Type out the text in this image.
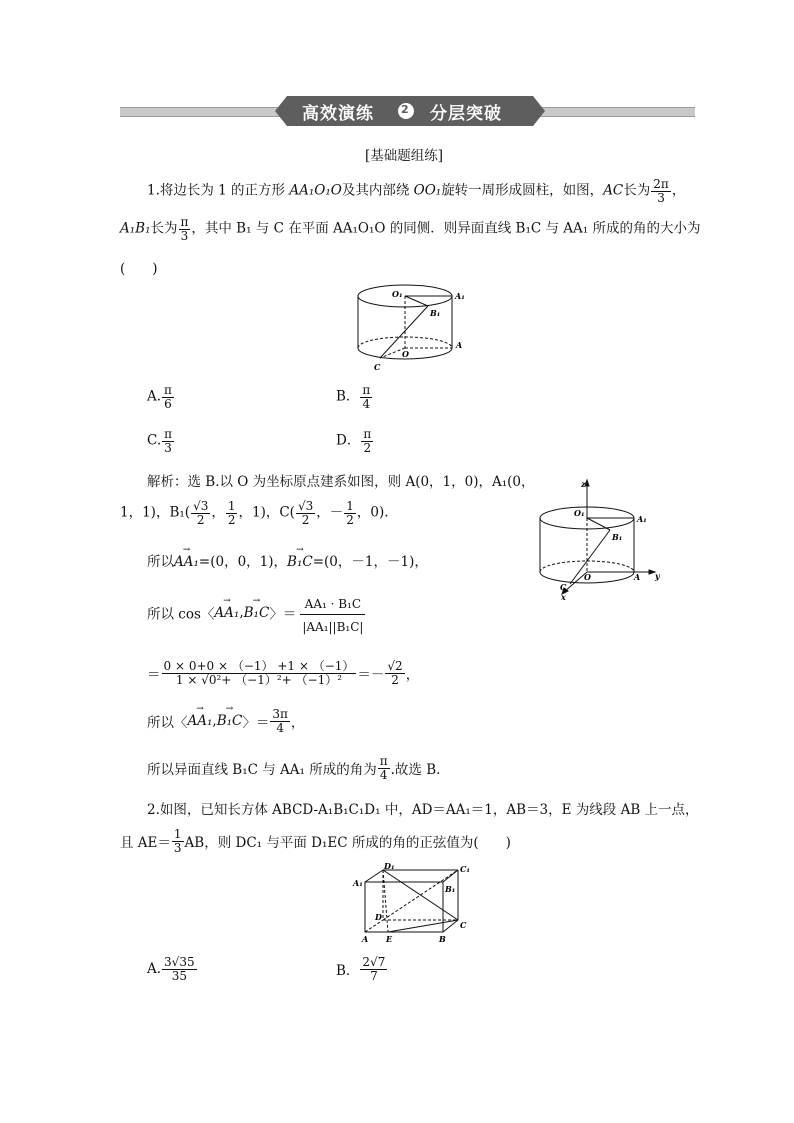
高效演练 2 分层突破
[基础题组练]
1.将边长为 1 的正方形 AA₁O₁O及其内部绕 OO₁旋转一周形成圆柱，如图，AC长为 $\frac{2\pi}{3}$ ，
A₁B₁长为 $\frac{\pi}{3}$ ，其中 B₁ 与 C 在平面 AA₁O₁O 的同侧．则异面直线 B₁C 与 AA₁ 所成的角的大小为
(　　)
O₁	A₁
B₁
O
A
C
A. $\frac{\pi}{6}$	B． $\frac{\pi}{4}$
C. $\frac{\pi}{3}$	D． $\frac{\pi}{2}$
解析：选 B.以 O 为坐标原点建系如图，则 A(0，1，0)，A₁(0，
1，1)，$B_1( \frac{√3}{2}$ ， $\frac{1}{2}$ ，1)，$C( \frac{√3}{2}$ ，－ $\frac{1}{2}$ ，0).
所以→ AA₁=(0，0，1)，→ B₁C=(0，－1，－1)，
所以 cos〈→ AA₁,→ B₁C〉＝ $\frac{\text{AA₁ · B₁C}}{\text{|AA₁||B₁C|}}$
＝ $\frac{0 \times 0+0 \times (-1) +1 \times (-1)}{\text{1 × √0²+ （−1）²+ （−1）²}} =- \frac{√2}{2}$ ，
所以〈→ AA₁,→ B₁C〉＝ $\frac{3\pi}{4}$ ，
所以异面直线 B₁C 与 AA₁ 所成的角为 $\frac{\pi}{4}$ .故选 B.
z
O₁
A₁
B₁
O	A y
C
x
2.如图，已知长方体 ABCD-A₁B₁C₁D₁ 中，AD＝AA₁＝1，AB＝3，E 为线段 AB 上一点，
且 $AE= \frac{1}{3}$ AB，则 DC₁ 与平面 D₁EC 所成的角的正弦值为(　　)
D₁	C₁
A₁
B₁
D
C
A E	B
A. $\frac{3√35}{35}$	B． $\frac{2√7}{7}$
